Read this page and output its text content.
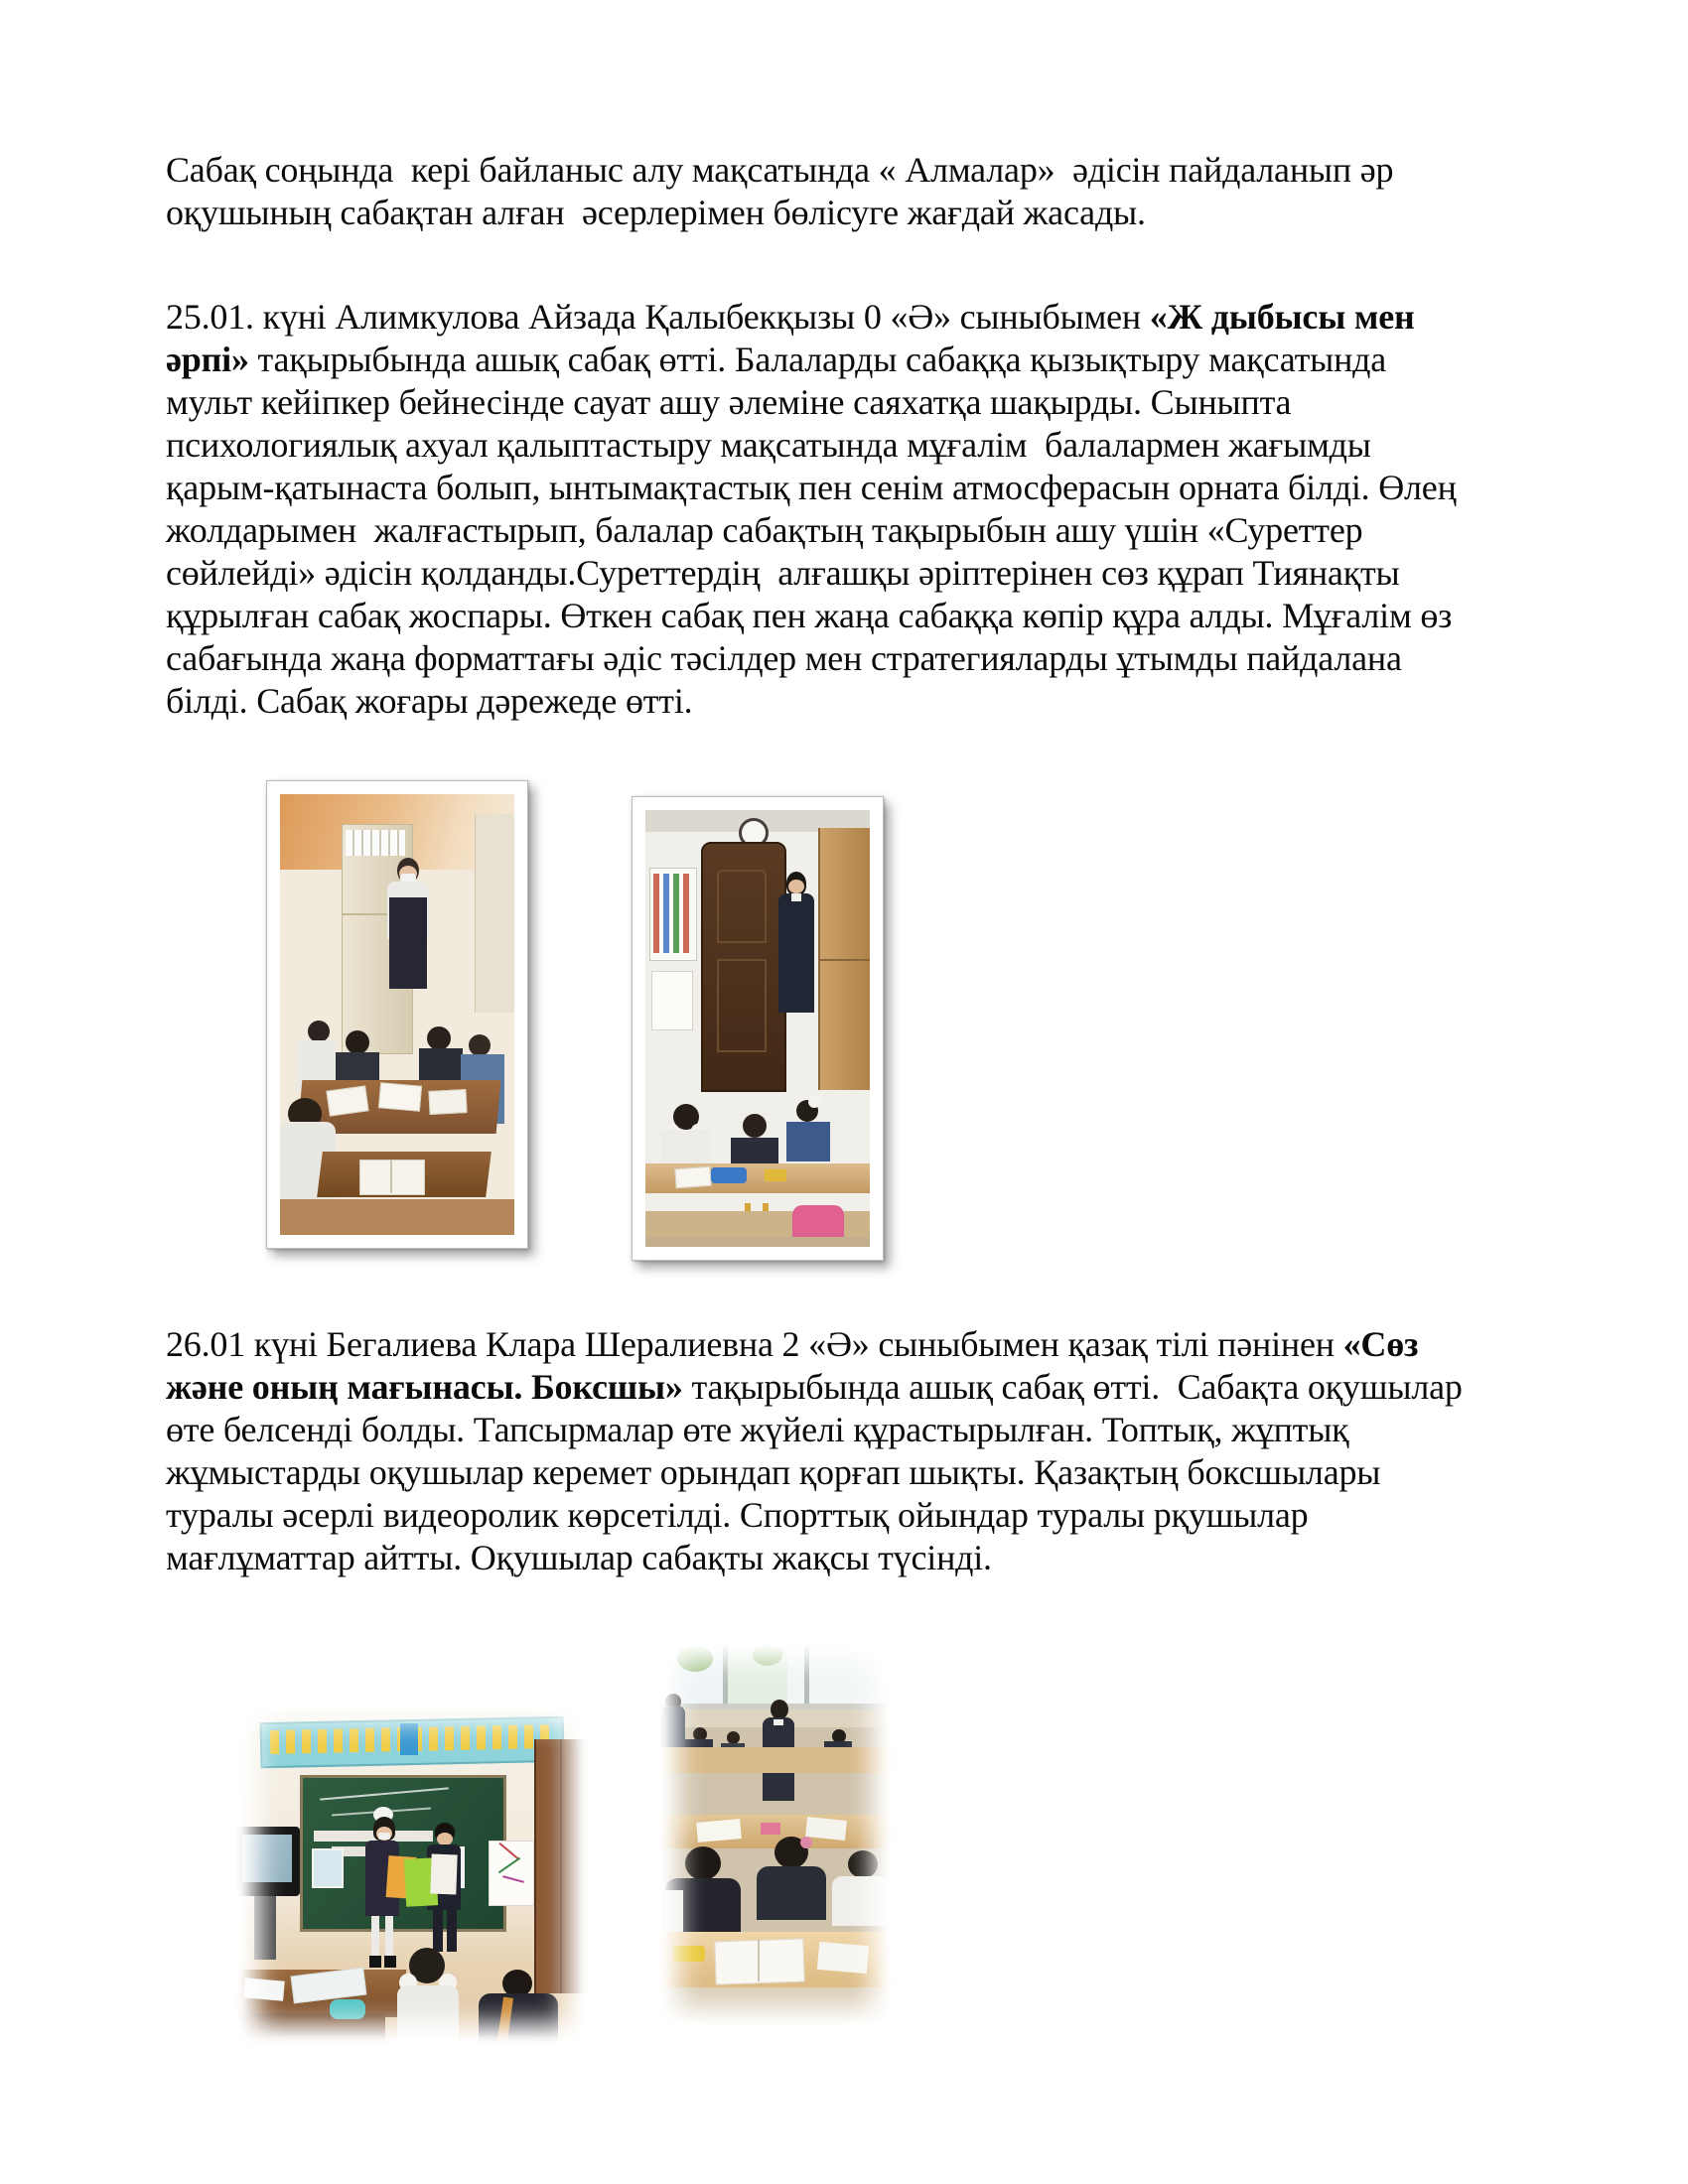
Сабақ соңында  кері байланыс алу мақсатында « Алмалар»  әдісін пайдаланып әр
оқушының сабақтан алған  әсерлерімен бөлісуге жағдай жасады.
25.01. күні Алимкулова Айзада Қалыбекқызы 0 «Ә» сыныбымен «Ж дыбысы мен
әрпі» тақырыбында ашық сабақ өтті. Балаларды сабаққа қызықтыру мақсатында
мульт кейіпкер бейнесінде сауат ашу әлеміне саяхатқа шақырды. Сыныпта
психологиялық ахуал қалыптастыру мақсатында мұғалім  балалармен жағымды
қарым-қатынаста болып, ынтымақтастық пен сенім атмосферасын орната білді. Өлең
жолдарымен  жалғастырып, балалар сабақтың тақырыбын ашу үшін «Суреттер
сөйлейді» әдісін қолданды.Суреттердің  алғашқы әріптерінен сөз құрап Тиянақты
құрылған сабақ жоспары. Өткен сабақ пен жаңа сабаққа көпір құра алды. Мұғалім өз
сабағында жаңа форматтағы әдіс тәсілдер мен стратегияларды ұтымды пайдалана
білді. Сабақ жоғары дәрежеде өтті.
26.01 күні Бегалиева Клара Шералиевна 2 «Ә» сыныбымен қазақ тілі пәнінен «Сөз
және оның мағынасы. Боксшы» тақырыбында ашық сабақ өтті.  Сабақта оқушылар
өте белсенді болды. Тапсырмалар өте жүйелі құрастырылған. Топтық, жұптық
жұмыстарды оқушылар керемет орындап қорғап шықты. Қазақтың боксшылары
туралы әсерлі видеоролик көрсетілді. Спорттық ойындар туралы рқушылар
мағлұматтар айтты. Оқушылар сабақты жақсы түсінді.
